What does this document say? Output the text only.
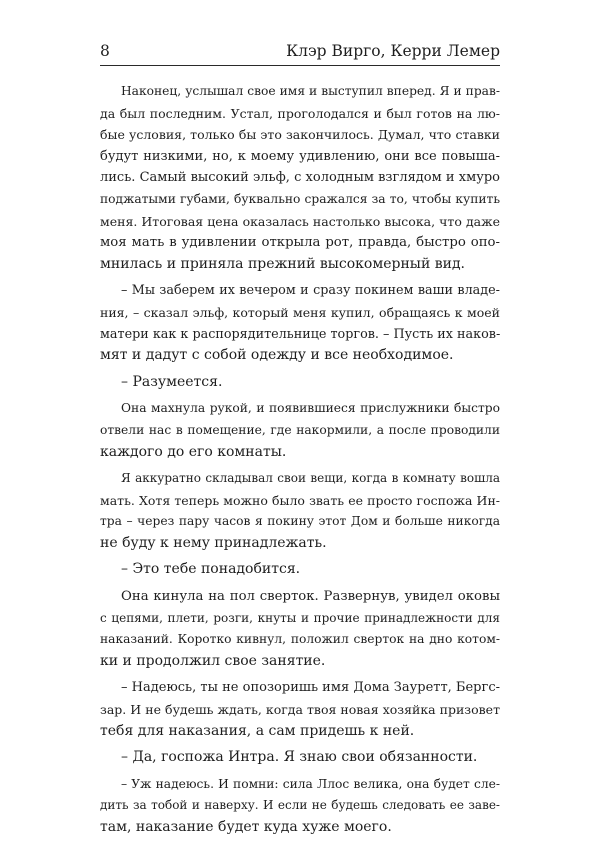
8	Клэр Вирго, Керри Лемер
Наконец, услышал свое имя и выступил вперед. Я и прав-
да был последним. Устал, проголодался и был готов на лю-
бые условия, только бы это закончилось. Думал, что ставки
будут низкими, но, к моему удивлению, они все повыша-
лись. Самый высокий эльф, с холодным взглядом и хмуро
поджатыми губами, буквально сражался за то, чтобы купить
меня. Итоговая цена оказалась настолько высока, что даже
моя мать в удивлении открыла рот, правда, быстро опо-
мнилась и приняла прежний высокомерный вид.
– Мы заберем их вечером и сразу покинем ваши владе-
ния, – сказал эльф, который меня купил, обращаясь к моей
матери как к распорядительнице торгов. – Пусть их наков-
мят и дадут с собой одежду и все необходимое.
– Разумеется.
Она махнула рукой, и появившиеся прислужники быстро
отвели нас в помещение, где накормили, а после проводили
каждого до его комнаты.
Я аккуратно складывал свои вещи, когда в комнату вошла
мать. Хотя теперь можно было звать ее просто госпожа Ин-
тра – через пару часов я покину этот Дом и больше никогда
не буду к нему принадлежать.
– Это тебе понадобится.
Она кинула на пол сверток. Развернув, увидел оковы
с цепями, плети, розги, кнуты и прочие принадлежности для
наказаний. Коротко кивнул, положил сверток на дно котом-
ки и продолжил свое занятие.
– Надеюсь, ты не опозоришь имя Дома Зауретт, Бергс-
зар. И не будешь ждать, когда твоя новая хозяйка призовет
тебя для наказания, а сам придешь к ней.
– Да, госпожа Интра. Я знаю свои обязанности.
– Уж надеюсь. И помни: сила Ллос велика, она будет сле-
дить за тобой и наверху. И если не будешь следовать ее заве-
там, наказание будет куда хуже моего.
